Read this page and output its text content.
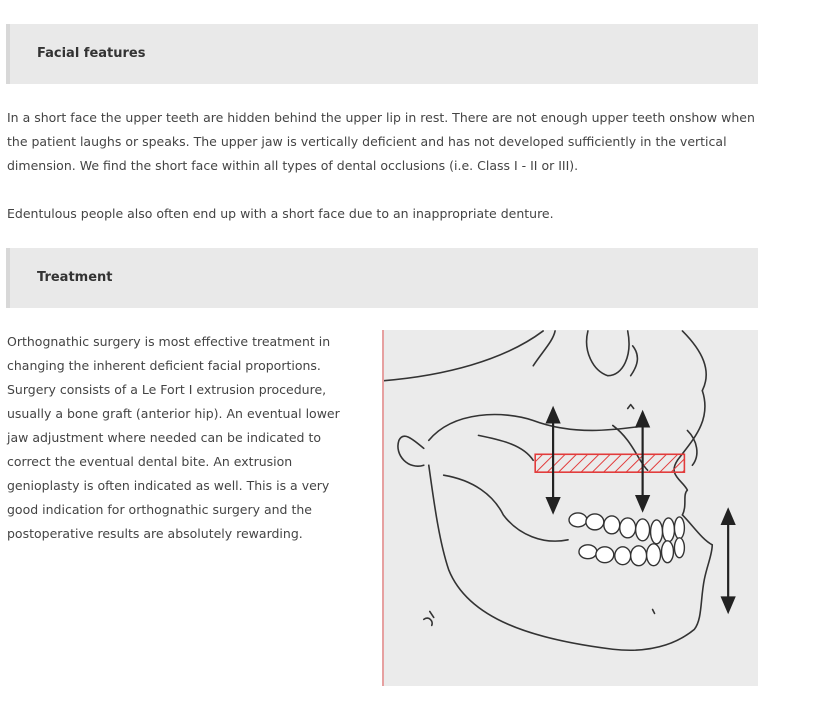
Facial features

In a short face the upper teeth are hidden behind the upper lip in rest. There are not enough upper teeth onshow when the patient laughs or speaks. The upper jaw is vertically deficient and has not developed sufficiently in the vertical dimension. We find the short face within all types of dental occlusions (i.e. Class I - II or III).

Edentulous people also often end up with a short face due to an inappropriate denture.

Treatment

Orthognathic surgery is most effective treatment in changing the inherent deficient facial proportions. Surgery consists of a Le Fort I extrusion procedure, usually a bone graft (anterior hip). An eventual lower jaw adjustment where needed can be indicated to correct the eventual dental bite. An extrusion genioplasty is often indicated as well. This is a very good indication for orthognathic surgery and the postoperative results are absolutely rewarding.
